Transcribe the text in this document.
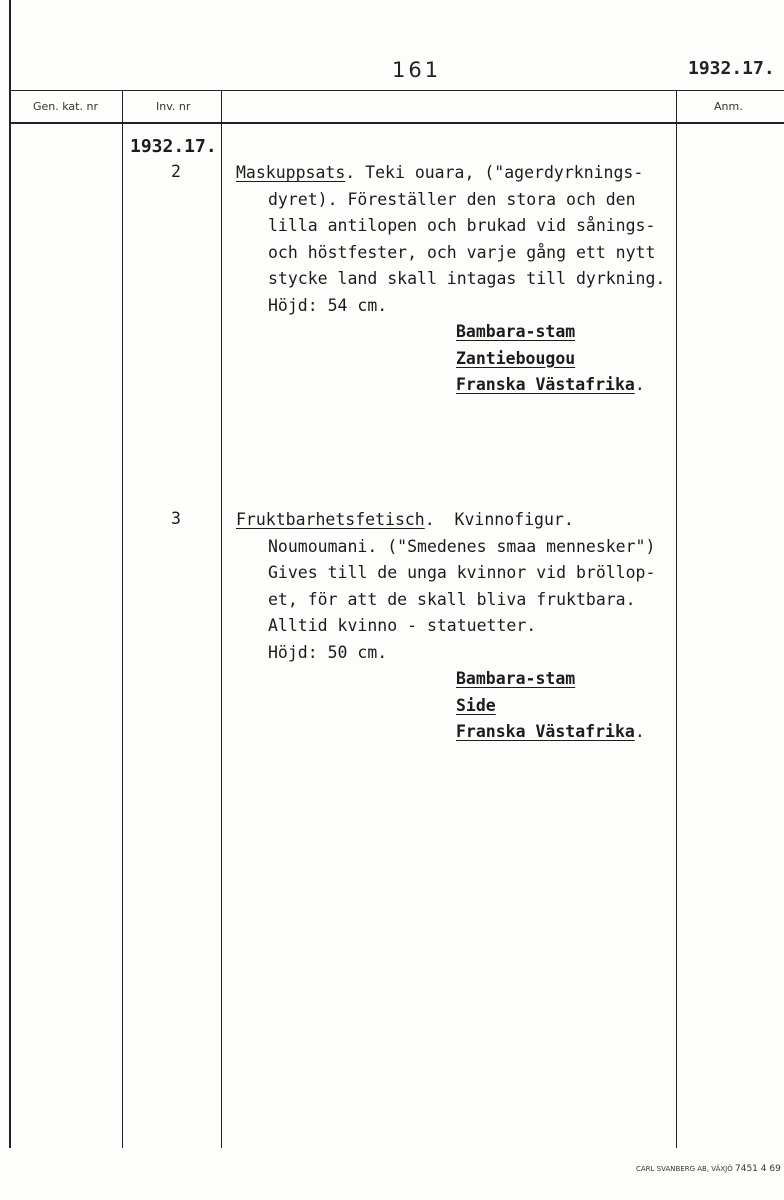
161	1932.17.
Gen. kat. nr	Inv. nr	Anm.
1932.17.
2	Maskuppsats. Teki ouara, ("agerdyrknings-
dyret). Föreställer den stora och den
lilla antilopen och brukad vid sånings-
och höstfester, och varje gång ett nytt
stycke land skall intagas till dyrkning.
Höjd: 54 cm.
Bambara-stam
Zantiebougou
Franska Västafrika.
3	Fruktbarhetsfetisch.  Kvinnofigur.
Noumoumani. ("Smedenes smaa mennesker")
Gives till de unga kvinnor vid bröllop-
et, för att de skall bliva fruktbara.
Alltid kvinno - statuetter.
Höjd: 50 cm.
Bambara-stam
Side
Franska Västafrika.
CARL SVANBERG AB, VÄXJÖ 7451 4 69
